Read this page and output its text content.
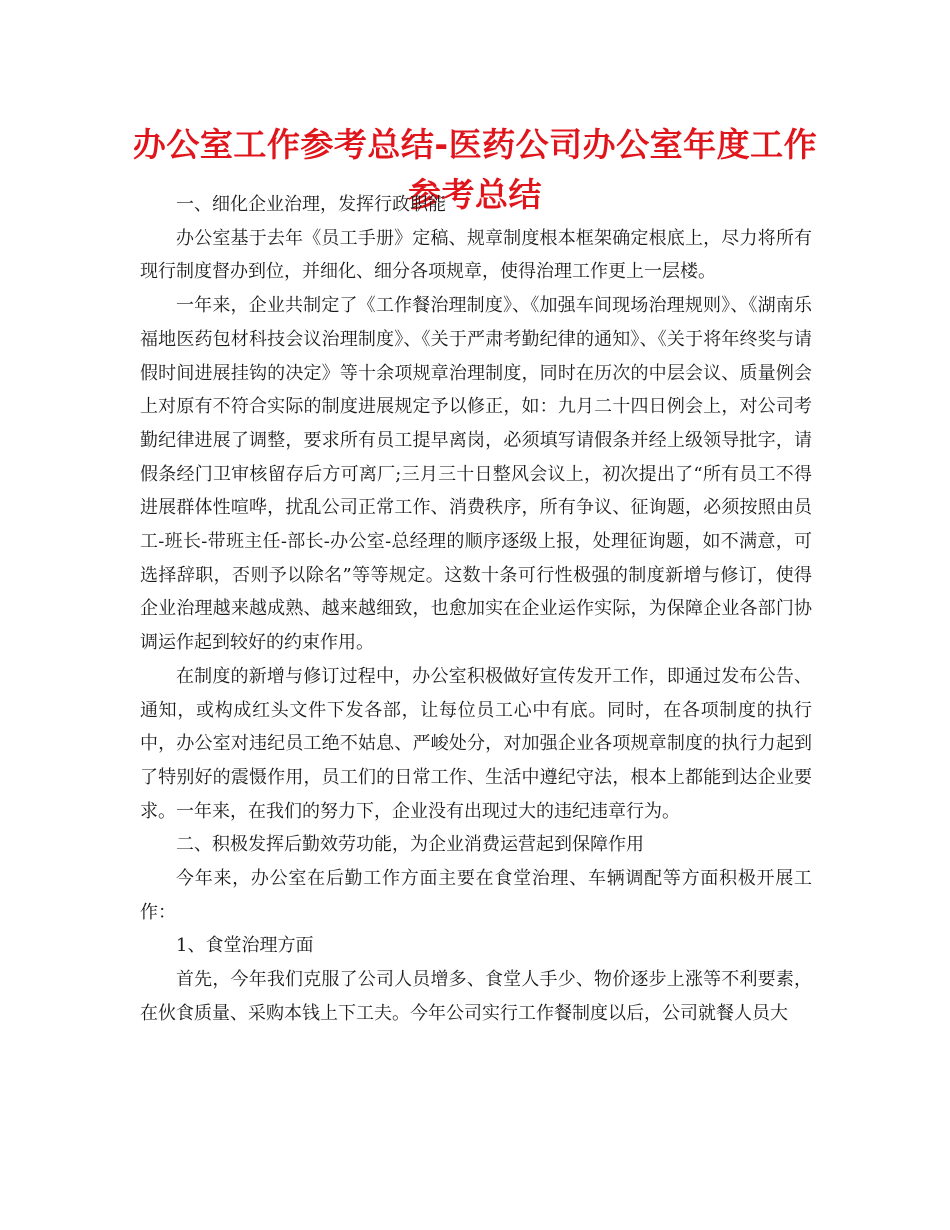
办公室工作参考总结-医药公司办公室年度工作参考总结

一、细化企业治理，发挥行政职能

办公室基于去年《员工手册》定稿、规章制度根本框架确定根底上，尽力将所有现行制度督办到位，并细化、细分各项规章，使得治理工作更上一层楼。

一年来，企业共制定了《工作餐治理制度》、《加强车间现场治理规则》、《湖南乐福地医药包材科技会议治理制度》、《关于严肃考勤纪律的通知》、《关于将年终奖与请假时间进展挂钩的决定》等十余项规章治理制度，同时在历次的中层会议、质量例会上对原有不符合实际的制度进展规定予以修正，如：九月二十四日例会上，对公司考勤纪律进展了调整，要求所有员工提早离岗，必须填写请假条并经上级领导批字，请假条经门卫审核留存后方可离厂;三月三十日整风会议上，初次提出了“所有员工不得进展群体性喧哗，扰乱公司正常工作、消费秩序，所有争议、征询题，必须按照由员工-班长-带班主任-部长-办公室-总经理的顺序逐级上报，处理征询题，如不满意，可选择辞职，否则予以除名”等等规定。这数十条可行性极强的制度新增与修订，使得企业治理越来越成熟、越来越细致，也愈加实在企业运作实际，为保障企业各部门协调运作起到较好的约束作用。

在制度的新增与修订过程中，办公室积极做好宣传发开工作，即通过发布公告、通知，或构成红头文件下发各部，让每位员工心中有底。同时，在各项制度的执行中，办公室对违纪员工绝不姑息、严峻处分，对加强企业各项规章制度的执行力起到了特别好的震慑作用，员工们的日常工作、生活中遵纪守法，根本上都能到达企业要求。一年来，在我们的努力下，企业没有出现过大的违纪违章行为。

二、积极发挥后勤效劳功能，为企业消费运营起到保障作用

今年来，办公室在后勤工作方面主要在食堂治理、车辆调配等方面积极开展工作：

1、食堂治理方面

首先，今年我们克服了公司人员增多、食堂人手少、物价逐步上涨等不利要素，在伙食质量、采购本钱上下工夫。今年公司实行工作餐制度以后，公司就餐人员大
